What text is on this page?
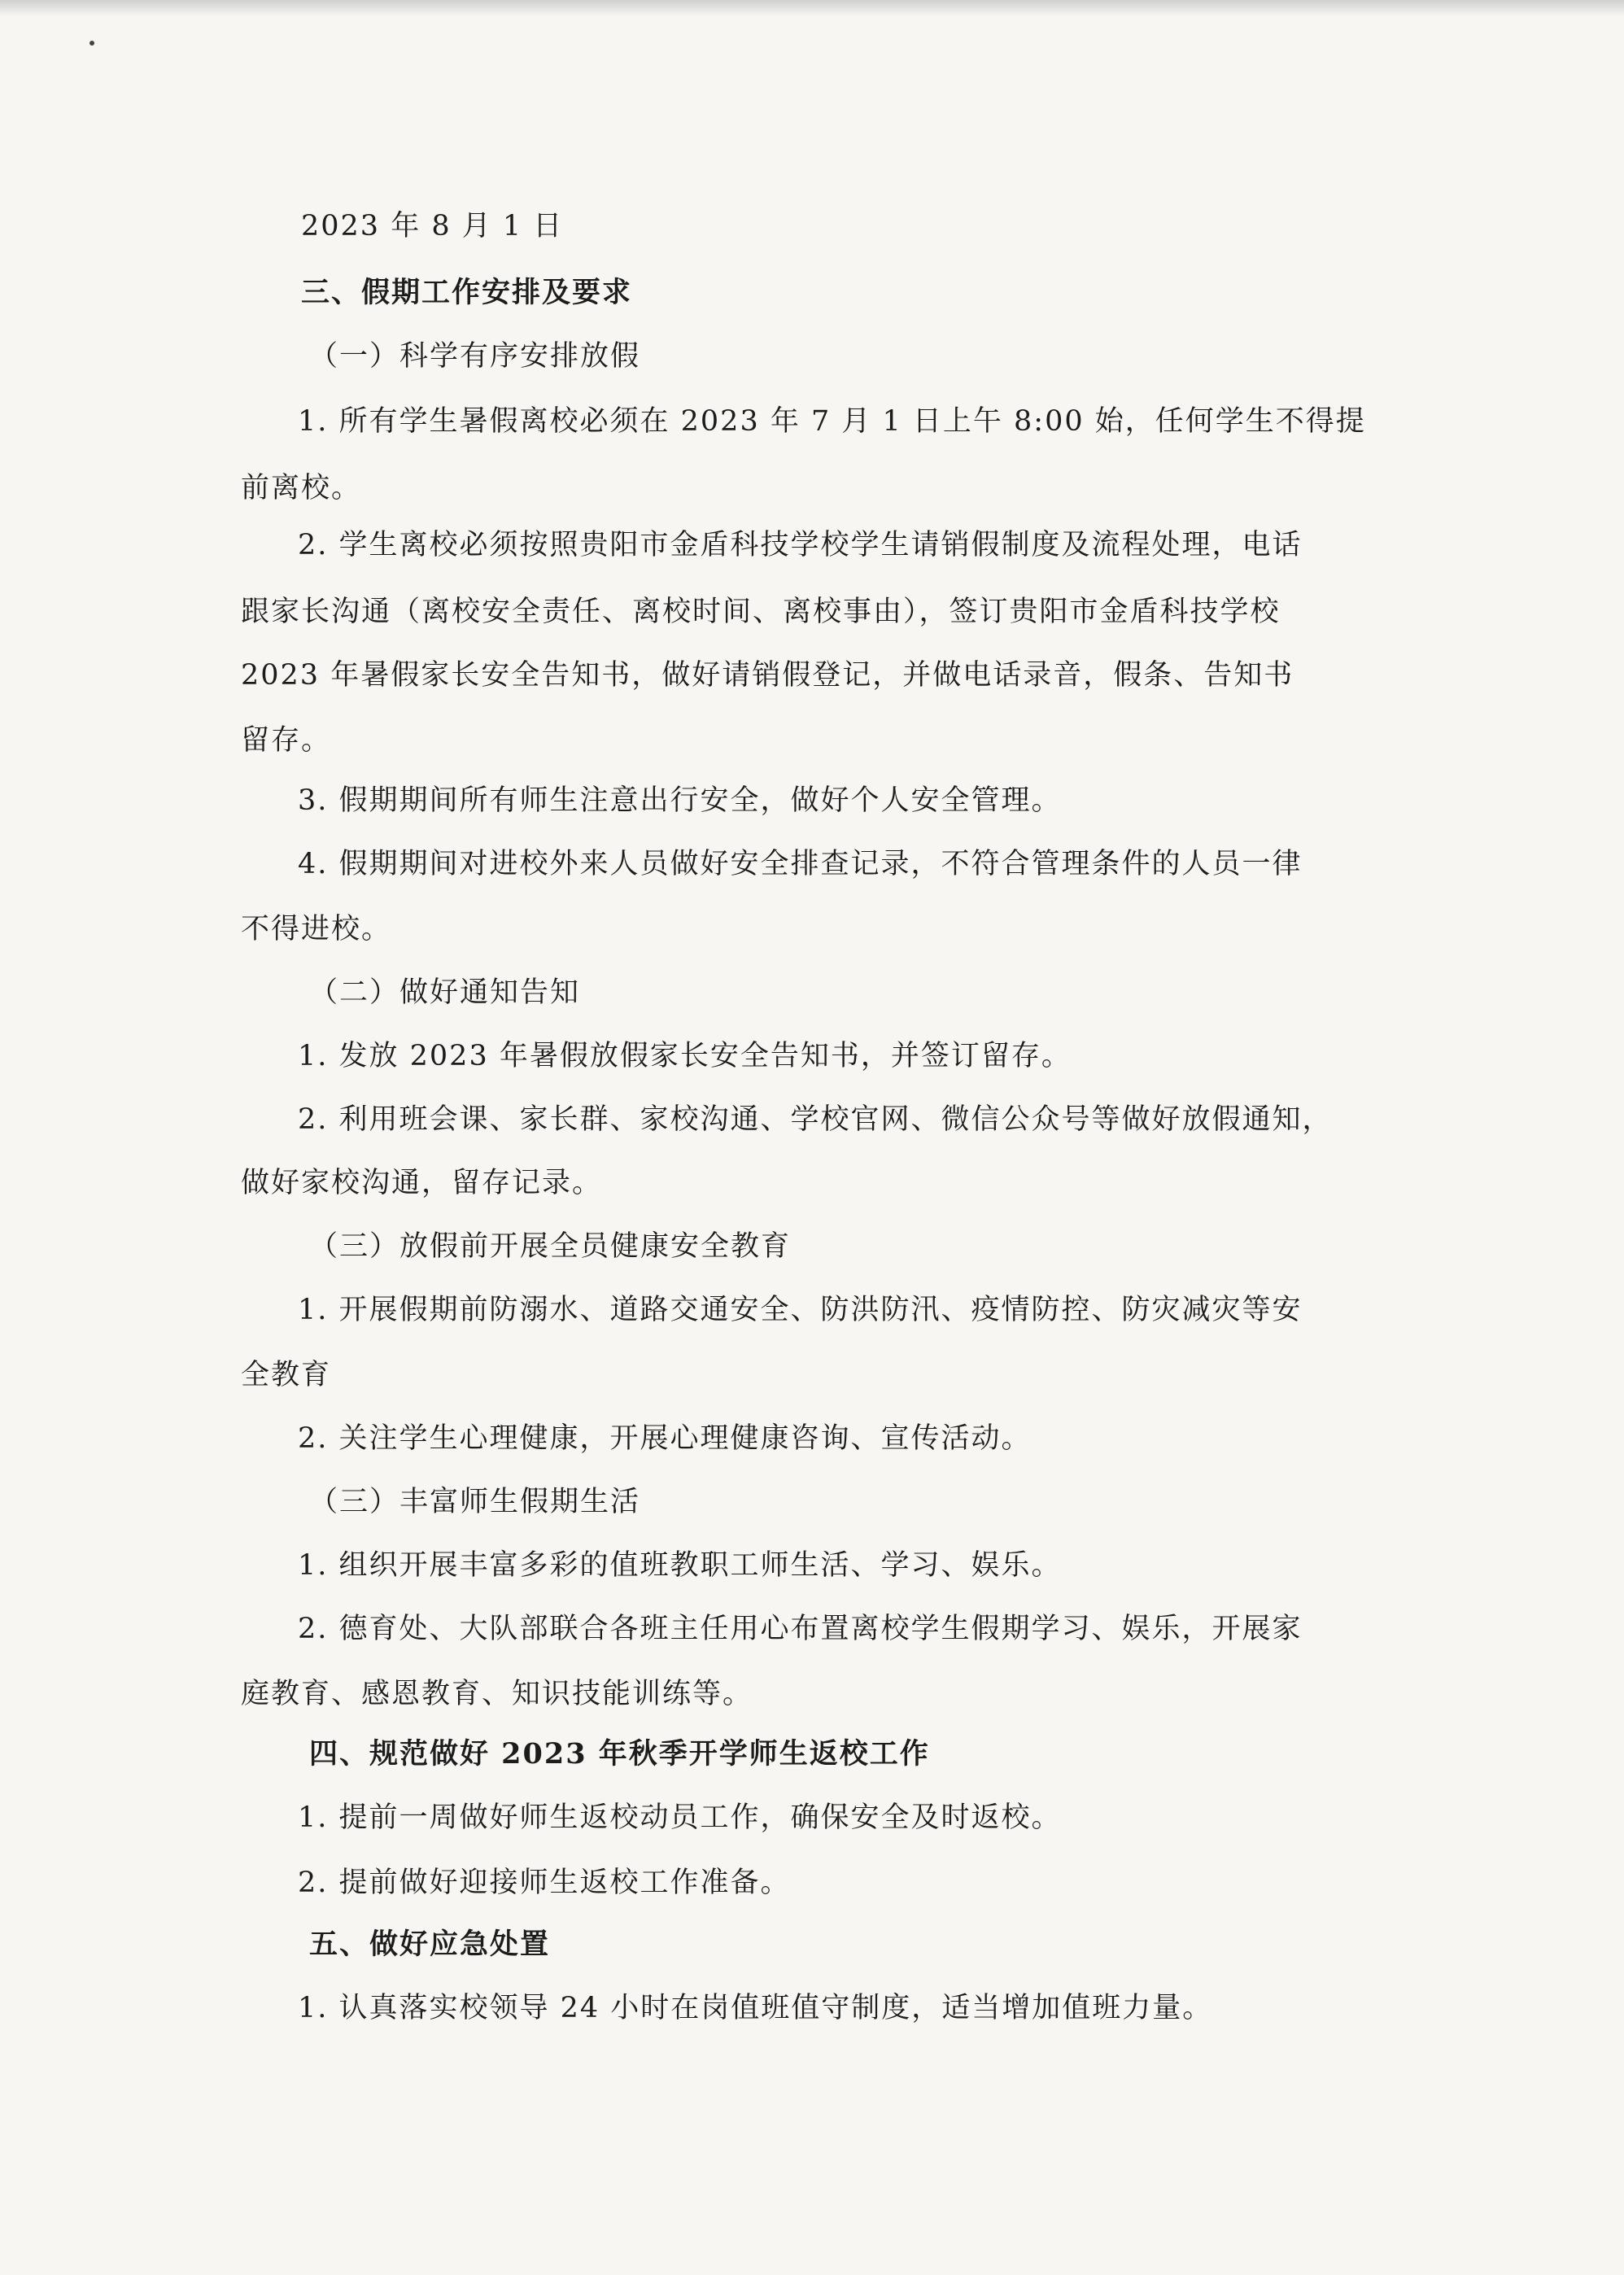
2023 年 8 月 1 日
三、假期工作安排及要求
（一）科学有序安排放假
1. 所有学生暑假离校必须在 2023 年 7 月 1 日上午 8:00 始，任何学生不得提
前离校。
2. 学生离校必须按照贵阳市金盾科技学校学生请销假制度及流程处理，电话
跟家长沟通（离校安全责任、离校时间、离校事由），签订贵阳市金盾科技学校
2023 年暑假家长安全告知书，做好请销假登记，并做电话录音，假条、告知书
留存。
3. 假期期间所有师生注意出行安全，做好个人安全管理。
4. 假期期间对进校外来人员做好安全排查记录，不符合管理条件的人员一律
不得进校。
（二）做好通知告知
1. 发放 2023 年暑假放假家长安全告知书，并签订留存。
2. 利用班会课、家长群、家校沟通、学校官网、微信公众号等做好放假通知，
做好家校沟通，留存记录。
（三）放假前开展全员健康安全教育
1. 开展假期前防溺水、道路交通安全、防洪防汛、疫情防控、防灾减灾等安
全教育
2. 关注学生心理健康，开展心理健康咨询、宣传活动。
（三）丰富师生假期生活
1. 组织开展丰富多彩的值班教职工师生活、学习、娱乐。
2. 德育处、大队部联合各班主任用心布置离校学生假期学习、娱乐，开展家
庭教育、感恩教育、知识技能训练等。
四、规范做好 2023 年秋季开学师生返校工作
1. 提前一周做好师生返校动员工作，确保安全及时返校。
2. 提前做好迎接师生返校工作准备。
五、做好应急处置
1. 认真落实校领导 24 小时在岗值班值守制度，适当增加值班力量。
